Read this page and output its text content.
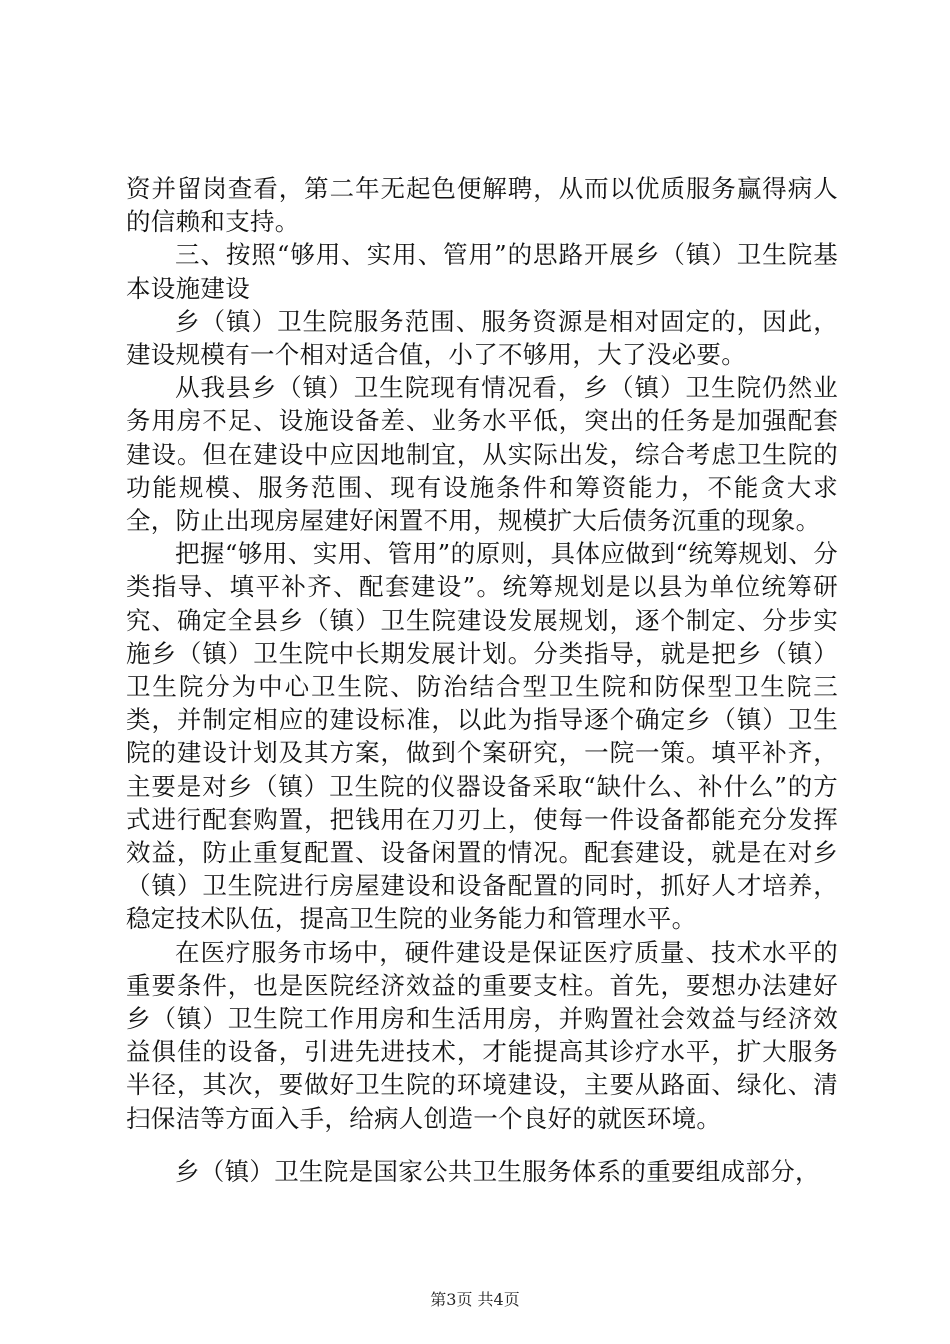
资并留岗查看，第二年无起色便解聘，从而以优质服务赢得病人的信赖和支持。

三、按照“够用、实用、管用”的思路开展乡（镇）卫生院基本设施建设

乡（镇）卫生院服务范围、服务资源是相对固定的，因此，建设规模有一个相对适合值，小了不够用，大了没必要。

从我县乡（镇）卫生院现有情况看，乡（镇）卫生院仍然业务用房不足、设施设备差、业务水平低，突出的任务是加强配套建设。但在建设中应因地制宜，从实际出发，综合考虑卫生院的功能规模、服务范围、现有设施条件和筹资能力，不能贪大求全，防止出现房屋建好闲置不用，规模扩大后债务沉重的现象。

把握“够用、实用、管用”的原则，具体应做到“统筹规划、分类指导、填平补齐、配套建设”。统筹规划是以县为单位统筹研究、确定全县乡（镇）卫生院建设发展规划，逐个制定、分步实施乡（镇）卫生院中长期发展计划。分类指导，就是把乡（镇）卫生院分为中心卫生院、防治结合型卫生院和防保型卫生院三类，并制定相应的建设标准，以此为指导逐个确定乡（镇）卫生院的建设计划及其方案，做到个案研究，一院一策。填平补齐，主要是对乡（镇）卫生院的仪器设备采取“缺什么、补什么”的方式进行配套购置，把钱用在刀刃上，使每一件设备都能充分发挥效益，防止重复配置、设备闲置的情况。配套建设，就是在对乡（镇）卫生院进行房屋建设和设备配置的同时，抓好人才培养，稳定技术队伍，提高卫生院的业务能力和管理水平。

在医疗服务市场中，硬件建设是保证医疗质量、技术水平的重要条件，也是医院经济效益的重要支柱。首先，要想办法建好乡（镇）卫生院工作用房和生活用房，并购置社会效益与经济效益俱佳的设备，引进先进技术，才能提高其诊疗水平，扩大服务半径，其次，要做好卫生院的环境建设，主要从路面、绿化、清扫保洁等方面入手，给病人创造一个良好的就医环境。

乡（镇）卫生院是国家公共卫生服务体系的重要组成部分，

第3页 共4页
